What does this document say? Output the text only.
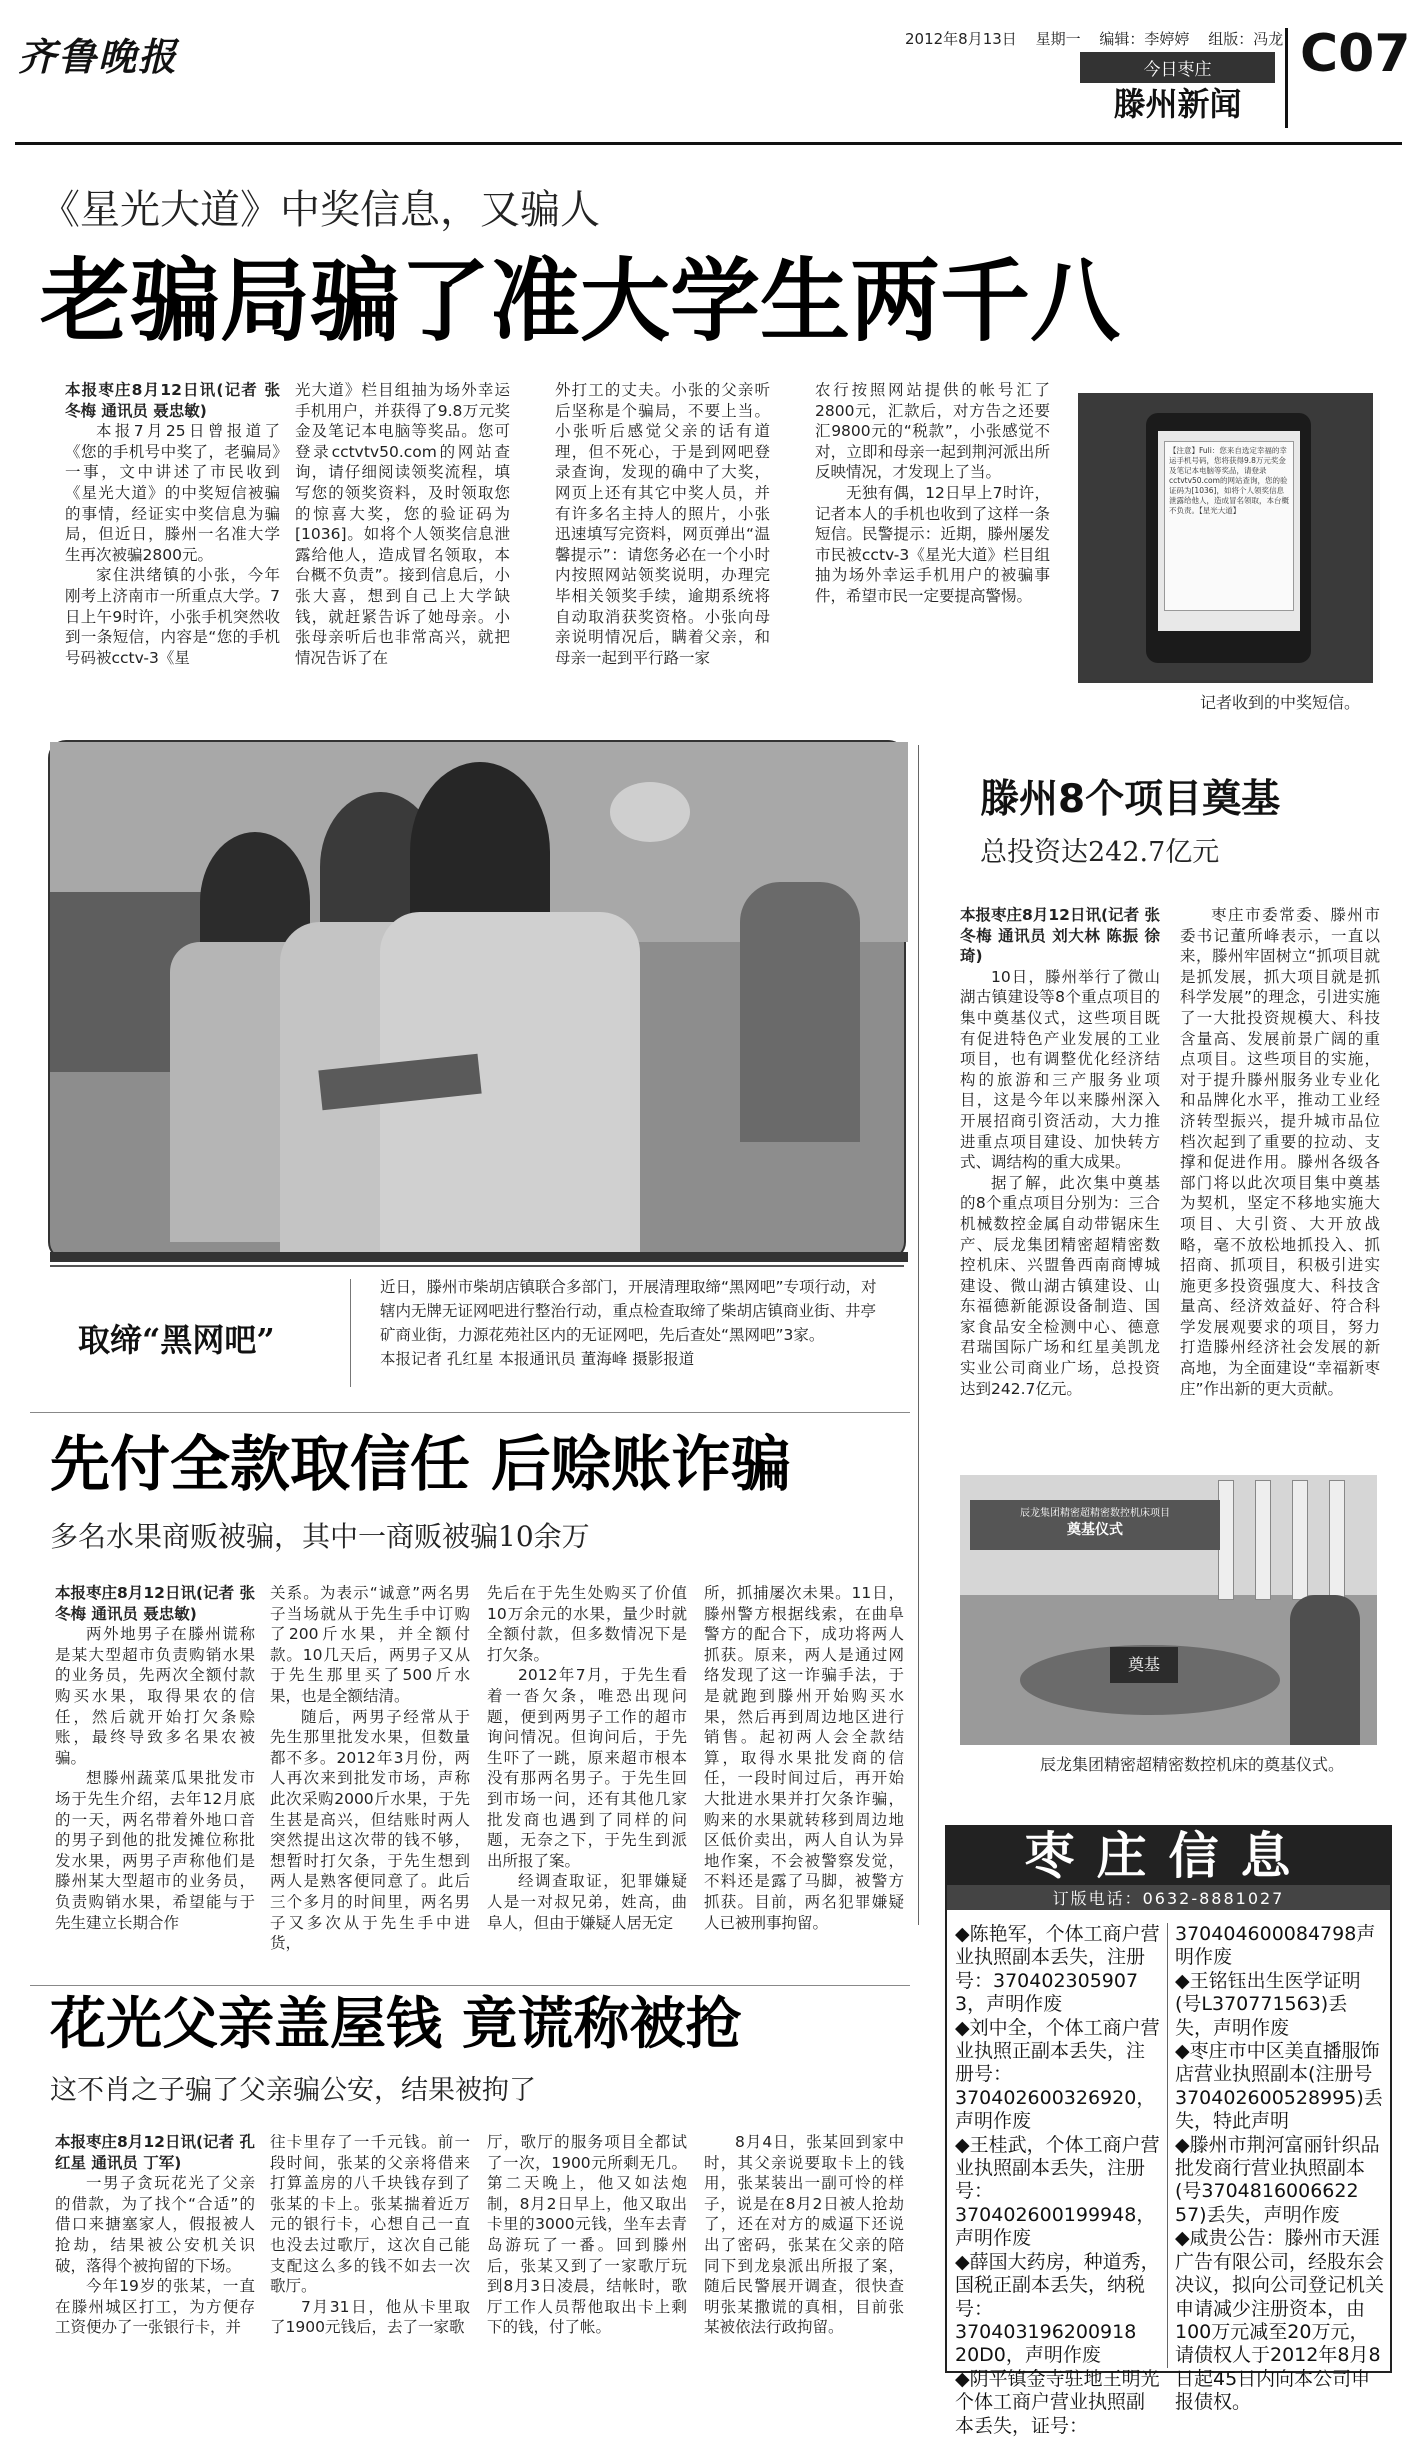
齐鲁晚报	2012年8月13日 星期一 编辑：李婷婷 组版：冯龙
今日枣庄
滕州新闻
C07
《星光大道》中奖信息，又骗人
老骗局骗了准大学生两千八

本报枣庄8月12日讯(记者 张冬梅 通讯员 聂忠敏)

本报7月25日曾报道了《您的手机号中奖了，老骗局》一事，文中讲述了市民收到《星光大道》的中奖短信被骗的事情，经证实中奖信息为骗局，但近日，滕州一名准大学生再次被骗2800元。

家住洪绪镇的小张，今年刚考上济南市一所重点大学。7日上午9时许，小张手机突然收到一条短信，内容是“您的手机号码被cctv-3《星

光大道》栏目组抽为场外幸运手机用户，并获得了9.8万元奖金及笔记本电脑等奖品。您可登录cctvtv50.com的网站查询，请仔细阅读领奖流程，填写您的领奖资料，及时领取您的惊喜大奖，您的验证码为[1036]。如将个人领奖信息泄露给他人，造成冒名领取，本台概不负责”。接到信息后，小张大喜，想到自己上大学缺钱，就赶紧告诉了她母亲。小张母亲听后也非常高兴，就把情况告诉了在

外打工的丈夫。小张的父亲听后坚称是个骗局，不要上当。小张听后感觉父亲的话有道理，但不死心，于是到网吧登录查询，发现的确中了大奖，网页上还有其它中奖人员，并有许多名主持人的照片，小张迅速填写完资料，网页弹出“温馨提示”：请您务必在一个小时内按照网站领奖说明，办理完毕相关领奖手续，逾期系统将自动取消获奖资格。小张向母亲说明情况后，瞒着父亲，和母亲一起到平行路一家

农行按照网站提供的帐号汇了2800元，汇款后，对方告之还要汇9800元的“税款”，小张感觉不对，立即和母亲一起到荆河派出所反映情况，才发现上了当。

无独有偶，12日早上7时许，记者本人的手机也收到了这样一条短信。民警提示：近期，滕州屡发市民被cctv-3《星光大道》栏目组抽为场外幸运手机用户的被骗事件，希望市民一定要提高警惕。

【注意】Fuli：您来自选定幸福的幸运手机号码，您将获得9.8万元奖金及笔记本电脑等奖品，请登录cctvtv50.com的网站查询，您的验证码为[1036]，如将个人领奖信息泄露给他人，造成冒名领取，本台概不负责。【星光大道】
记者收到的中奖短信。
取缔“黑网吧”
近日，滕州市柴胡店镇联合多部门，开展清理取缔“黑网吧”专项行动，对辖内无牌无证网吧进行整治行动，重点检查取缔了柴胡店镇商业街、井亭矿商业街，力源花苑社区内的无证网吧，先后查处“黑网吧”3家。
本报记者 孔红星 本报通讯员 董海峰 摄影报道
滕州8个项目奠基
总投资达242.7亿元

本报枣庄8月12日讯(记者 张冬梅 通讯员 刘大林 陈振 徐琦)

10日，滕州举行了微山湖古镇建设等8个重点项目的集中奠基仪式，这些项目既有促进特色产业发展的工业项目，也有调整优化经济结构的旅游和三产服务业项目，这是今年以来滕州深入开展招商引资活动，大力推进重点项目建设、加快转方式、调结构的重大成果。

据了解，此次集中奠基的8个重点项目分别为：三合机械数控金属自动带锯床生产、辰龙集团精密超精密数控机床、兴盟鲁西南商博城建设、微山湖古镇建设、山东福德新能源设备制造、国家食品安全检测中心、德意君瑞国际广场和红星美凯龙实业公司商业广场，总投资达到242.7亿元。

枣庄市委常委、滕州市委书记董所峰表示，一直以来，滕州牢固树立“抓项目就是抓发展，抓大项目就是抓科学发展”的理念，引进实施了一大批投资规模大、科技含量高、发展前景广阔的重点项目。这些项目的实施，对于提升滕州服务业专业化和品牌化水平，推动工业经济转型振兴，提升城市品位档次起到了重要的拉动、支撑和促进作用。滕州各级各部门将以此次项目集中奠基为契机，坚定不移地实施大项目、大引资、大开放战略，毫不放松地抓投入、抓招商、抓项目，积极引进实施更多投资强度大、科技含量高、经济效益好、符合科学发展观要求的项目，努力打造滕州经济社会发展的新高地，为全面建设“幸福新枣庄”作出新的更大贡献。

辰龙集团精密超精密数控机床项目
奠基仪式
奠基
辰龙集团精密超精密数控机床的奠基仪式。
先付全款取信任 后赊账诈骗
多名水果商贩被骗，其中一商贩被骗10余万

本报枣庄8月12日讯(记者 张冬梅 通讯员 聂忠敏)

两外地男子在滕州谎称是某大型超市负责购销水果的业务员，先两次全额付款购买水果，取得果农的信任，然后就开始打欠条赊账，最终导致多名果农被骗。

想滕州蔬菜瓜果批发市场于先生介绍，去年12月底的一天，两名带着外地口音的男子到他的批发摊位称批发水果，两男子声称他们是滕州某大型超市的业务员，负责购销水果，希望能与于先生建立长期合作

关系。为表示“诚意”两名男子当场就从于先生手中订购了200斤水果，并全额付款。10几天后，两男子又从于先生那里买了500斤水果，也是全额结清。

随后，两男子经常从于先生那里批发水果，但数量都不多。2012年3月份，两人再次来到批发市场，声称此次采购2000斤水果，于先生甚是高兴，但结账时两人突然提出这次带的钱不够，想暂时打欠条，于先生想到两人是熟客便同意了。此后三个多月的时间里，两名男子又多次从于先生手中进货，

先后在于先生处购买了价值10万余元的水果，量少时就全额付款，但多数情况下是打欠条。

2012年7月，于先生看着一沓欠条，唯恐出现问题，便到两男子工作的超市询问情况。但询问后，于先生吓了一跳，原来超市根本没有那两名男子。于先生回到市场一问，还有其他几家批发商也遇到了同样的问题，无奈之下，于先生到派出所报了案。

经调查取证，犯罪嫌疑人是一对叔兄弟，姓高，曲阜人，但由于嫌疑人居无定

所，抓捕屡次未果。11日，滕州警方根据线索，在曲阜警方的配合下，成功将两人抓获。原来，两人是通过网络发现了这一诈骗手法，于是就跑到滕州开始购买水果，然后再到周边地区进行销售。起初两人会全款结算，取得水果批发商的信任，一段时间过后，再开始大批进水果并打欠条诈骗，购来的水果就转移到周边地区低价卖出，两人自认为异地作案，不会被警察发觉，不料还是露了马脚，被警方抓获。目前，两名犯罪嫌疑人已被刑事拘留。

花光父亲盖屋钱 竟谎称被抢
这不肖之子骗了父亲骗公安，结果被拘了

本报枣庄8月12日讯(记者 孔红星 通讯员 丁军)

一男子贪玩花光了父亲的借款，为了找个“合适”的借口来搪塞家人，假报被人抢劫，结果被公安机关识破，落得个被拘留的下场。

今年19岁的张某，一直在滕州城区打工，为方便存工资便办了一张银行卡，并

往卡里存了一千元钱。前一段时间，张某的父亲将借来打算盖房的八千块钱存到了张某的卡上。张某揣着近万元的银行卡，心想自己一直也没去过歌厅，这次自己能支配这么多的钱不如去一次歌厅。

7月31日，他从卡里取了1900元钱后，去了一家歌

厅，歌厅的服务项目全都试了一次，1900元所剩无几。第二天晚上，他又如法炮制，8月2日早上，他又取出卡里的3000元钱，坐车去青岛游玩了一番。回到滕州后，张某又到了一家歌厅玩到8月3日凌晨，结帐时，歌厅工作人员帮他取出卡上剩下的钱，付了帐。

8月4日，张某回到家中时，其父亲说要取卡上的钱用，张某装出一副可怜的样子，说是在8月2日被人抢劫了，还在对方的威逼下还说出了密码，张某在父亲的陪同下到龙泉派出所报了案，随后民警展开调查，很快查明张某撒谎的真相，目前张某被依法行政拘留。

枣庄信息
订版电话：0632-8881027

◆陈艳军，个体工商户营业执照副本丢失，注册号：370402305907 3，声明作废

◆刘中全，个体工商户营业执照正副本丢失，注册号：370402600326920，声明作废

◆王桂武，个体工商户营业执照副本丢失，注册号：370402600199948，声明作废

◆薛国大药房，种道秀，国税正副本丢失，纳税号：370403196200918 20D0，声明作废

◆阴平镇金寺驻地王明光个体工商户营业执照副本丢失，证号：

370404600084798声明作废

◆王铭钰出生医学证明(号L370771563)丢失，声明作废

◆枣庄市中区美直播服饰店营业执照副本(注册号370402600528995)丢失，特此声明

◆滕州市荆河富丽针织品批发商行营业执照副本(号3704816006622 57)丢失，声明作废

◆咸贵公告：滕州市天涯广告有限公司，经股东会决议，拟向公司登记机关申请减少注册资本，由100万元减至20万元，请债权人于2012年8月8日起45日内向本公司申报债权。
